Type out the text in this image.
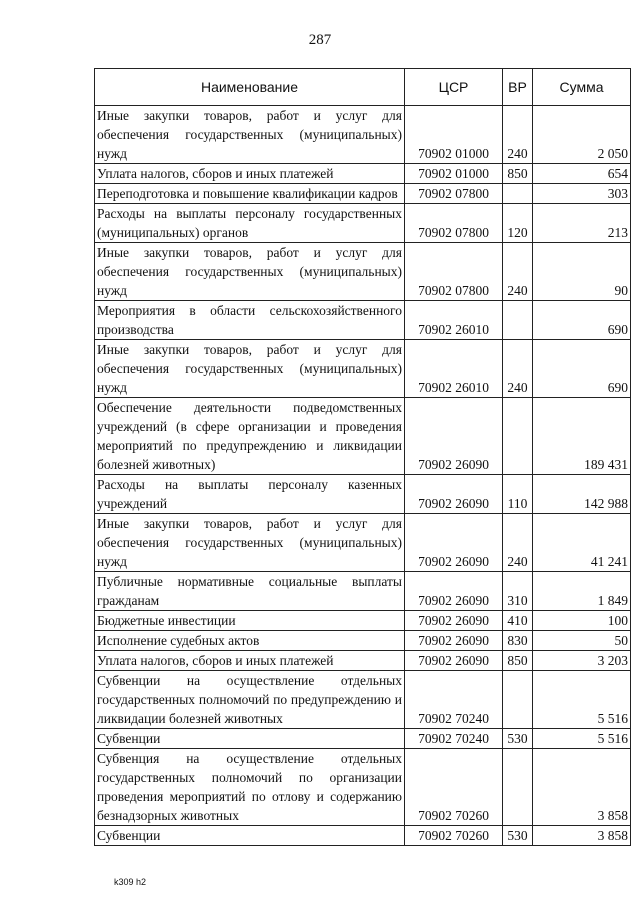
287
Наименование	ЦСР	ВР	Сумма
Иные закупки товаров, работ и услуг для обеспечения государственных (муниципальных) нужд	70902 01000	240	2 050
Уплата налогов, сборов и иных платежей	70902 01000	850	654
Переподготовка и повышение квалификации кадров	70902 07800		303
Расходы на выплаты персоналу государственных (муниципальных) органов	70902 07800	120	213
Иные закупки товаров, работ и услуг для обеспечения государственных (муниципальных) нужд	70902 07800	240	90
Мероприятия в области сельскохозяйственного производства	70902 26010		690
Иные закупки товаров, работ и услуг для обеспечения государственных (муниципальных) нужд	70902 26010	240	690
Обеспечение деятельности подведомственных учреждений (в сфере организации и проведения мероприятий по предупреждению и ликвидации болезней животных)	70902 26090		189 431
Расходы на выплаты персоналу казенных учреждений	70902 26090	110	142 988
Иные закупки товаров, работ и услуг для обеспечения государственных (муниципальных) нужд	70902 26090	240	41 241
Публичные нормативные социальные выплаты гражданам	70902 26090	310	1 849
Бюджетные инвестиции	70902 26090	410	100
Исполнение судебных актов	70902 26090	830	50
Уплата налогов, сборов и иных платежей	70902 26090	850	3 203
Субвенции на осуществление отдельных государственных полномочий по предупреждению и ликвидации болезней животных	70902 70240		5 516
Субвенции	70902 70240	530	5 516
Субвенция на осуществление отдельных государственных полномочий по организации проведения мероприятий по отлову и содержанию безнадзорных животных	70902 70260		3 858
Субвенции	70902 70260	530	3 858
k309 h2
